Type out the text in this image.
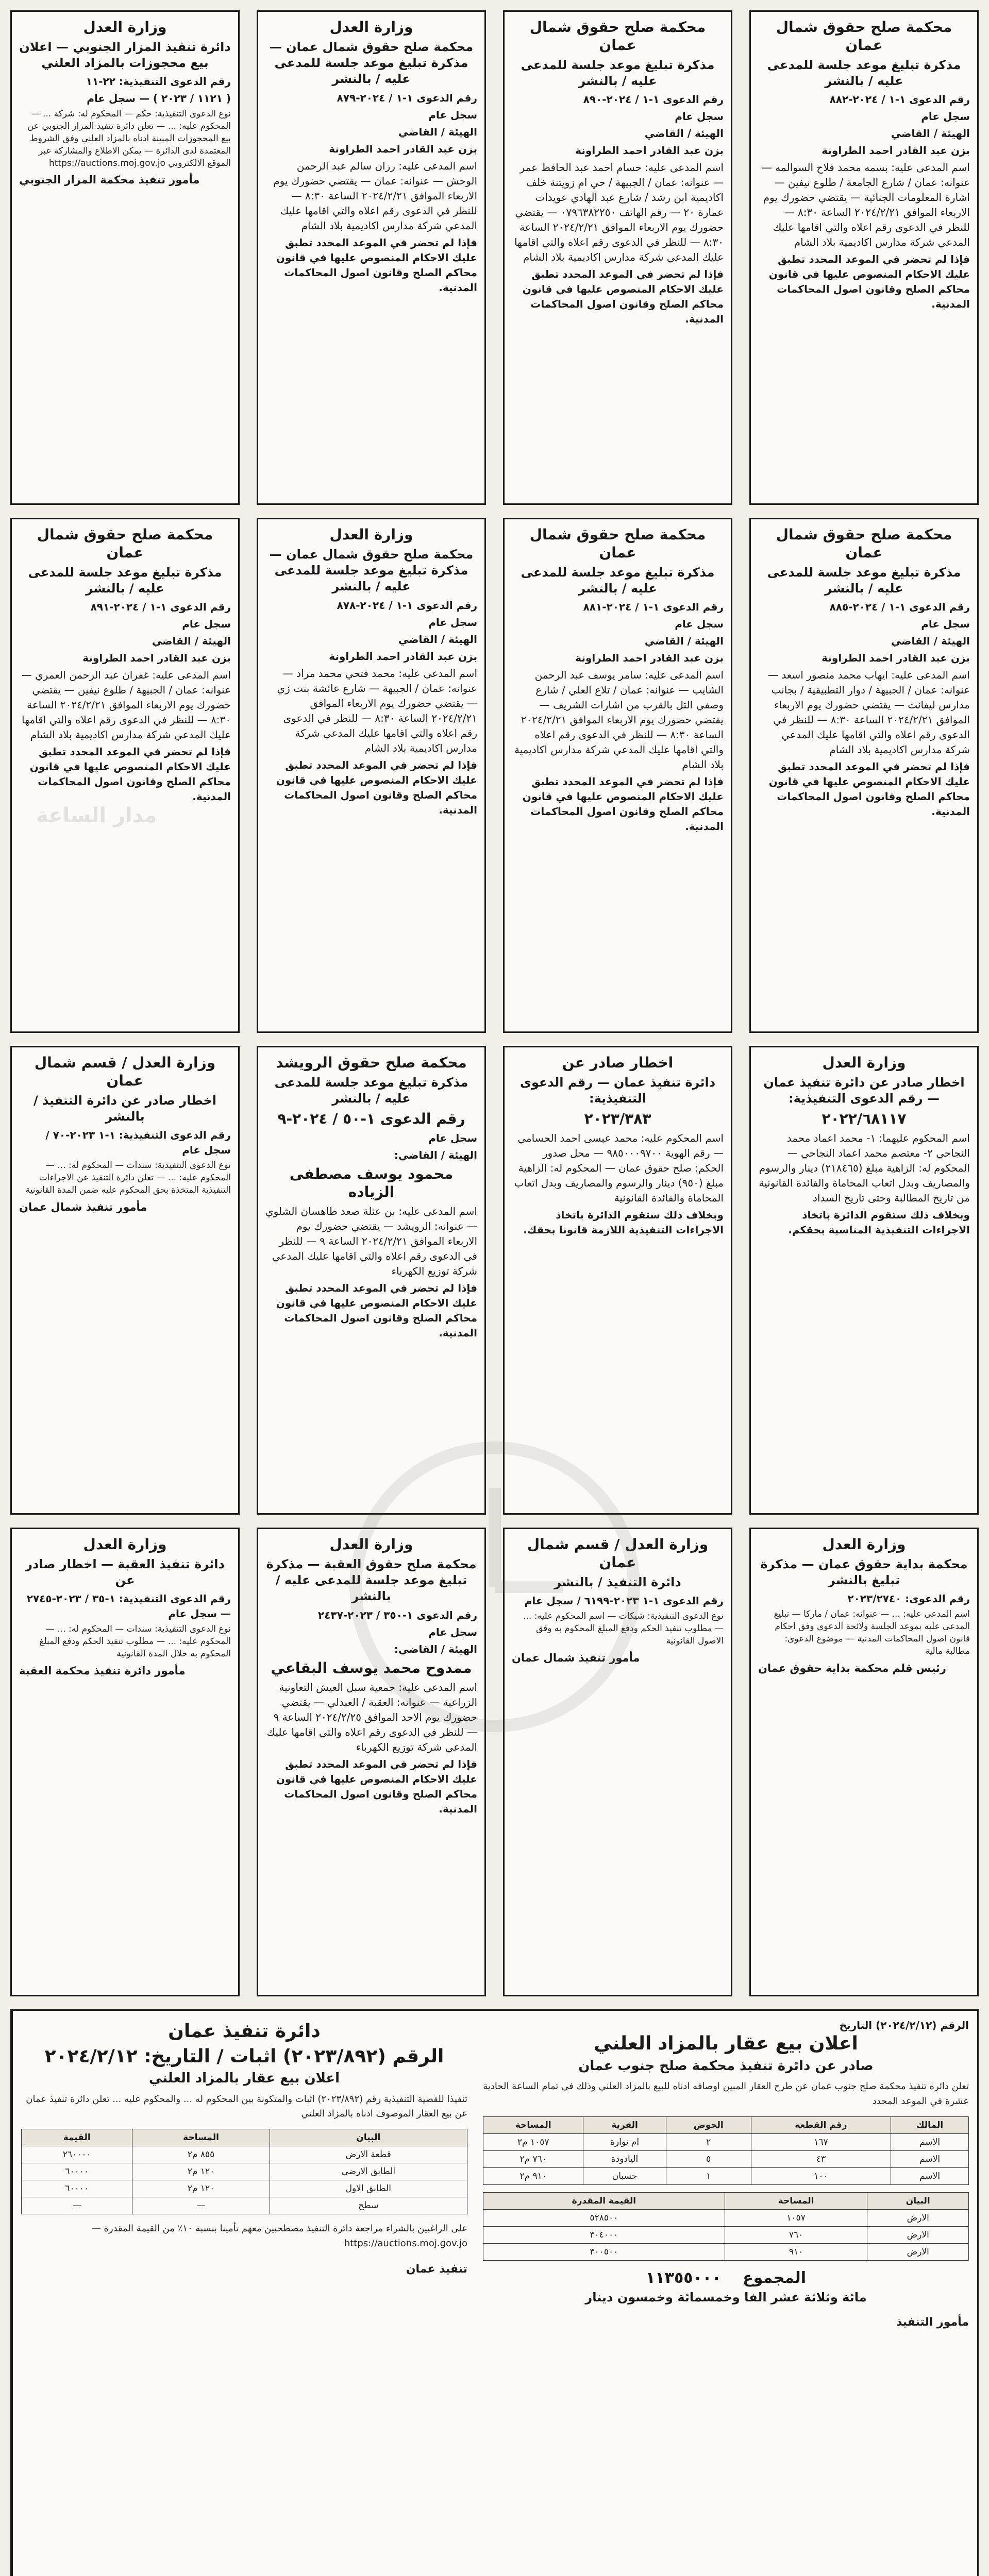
محكمة صلح حقوق شمال عمان
مذكرة تبليغ موعد جلسة للمدعى عليه / بالنشر
رقم الدعوى ١-١ / ٢٠٢٤-٨٨٢
سجل عام
الهيئة / القاضي
بزن عبد القادر احمد الطراونة
اسم المدعى عليه: بسمه محمد فلاح السوالمه — عنوانه: عمان / شارع الجامعة / طلوع نيفين — اشارة المعلومات الجنائية — يقتضي حضورك يوم الاربعاء الموافق ٢٠٢٤/٢/٢١ الساعة ٨:٣٠ — للنظر في الدعوى رقم اعلاه والتي اقامها عليك المدعي شركة مدارس اكاديمية بلاد الشام
فإذا لم تحضر في الموعد المحدد تطبق عليك الاحكام المنصوص عليها في قانون محاكم الصلح وقانون اصول المحاكمات المدنية.
محكمة صلح حقوق شمال عمان
مذكرة تبليغ موعد جلسة للمدعى عليه / بالنشر
رقم الدعوى ١-١ / ٢٠٢٤-٨٩٠
سجل عام
الهيئة / القاضي
بزن عبد القادر احمد الطراونة
اسم المدعى عليه: حسام احمد عبد الحافظ عمر — عنوانه: عمان / الجبيهة / حي ام زويتنة خلف اكاديمية ابن رشد / شارع عبد الهادي عويدات عمارة ٢٠ — رقم الهاتف ٠٧٩٦٣٨٢٢٥٠ — يقتضي حضورك يوم الاربعاء الموافق ٢٠٢٤/٢/٢١ الساعة ٨:٣٠ — للنظر في الدعوى رقم اعلاه والتي اقامها عليك المدعي شركة مدارس اكاديمية بلاد الشام
فإذا لم تحضر في الموعد المحدد تطبق عليك الاحكام المنصوص عليها في قانون محاكم الصلح وقانون اصول المحاكمات المدنية.
وزارة العدل
محكمة صلح حقوق شمال عمان — مذكرة تبليغ موعد جلسة للمدعى عليه / بالنشر
رقم الدعوى ١-١ / ٢٠٢٤-٨٧٩
سجل عام
الهيئة / القاضي
بزن عبد القادر احمد الطراونة
اسم المدعى عليه: رزان سالم عبد الرحمن الوحش — عنوانه: عمان — يقتضي حضورك يوم الاربعاء الموافق ٢٠٢٤/٢/٢١ الساعة ٨:٣٠ — للنظر في الدعوى رقم اعلاه والتي اقامها عليك المدعي شركة مدارس اكاديمية بلاد الشام
فإذا لم تحضر في الموعد المحدد تطبق عليك الاحكام المنصوص عليها في قانون محاكم الصلح وقانون اصول المحاكمات المدنية.
وزارة العدل
دائرة تنفيذ المزار الجنوبي — اعلان بيع محجوزات بالمزاد العلني
رقم الدعوى التنفيذية: ٢٢-١١
( ١١٢١ / ٢٠٢٣ ) — سجل عام
نوع الدعوى التنفيذية: حكم — المحكوم له: شركة ... — المحكوم عليه: ... — تعلن دائرة تنفيذ المزار الجنوبي عن بيع المحجوزات المبينة ادناه بالمزاد العلني وفق الشروط المعتمدة لدى الدائرة — يمكن الاطلاع والمشاركة عبر الموقع الالكتروني https://auctions.moj.gov.jo
مأمور تنفيذ محكمة المزار الجنوبي
محكمة صلح حقوق شمال عمان
مذكرة تبليغ موعد جلسة للمدعى عليه / بالنشر
رقم الدعوى ١-١ / ٢٠٢٤-٨٨٥
سجل عام
الهيئة / القاضي
بزن عبد القادر احمد الطراونة
اسم المدعى عليه: ايهاب محمد منصور اسعد — عنوانه: عمان / الجبيهة / دوار التطبيقية / بجانب مدارس ليفانت — يقتضي حضورك يوم الاربعاء الموافق ٢٠٢٤/٢/٢١ الساعة ٨:٣٠ — للنظر في الدعوى رقم اعلاه والتي اقامها عليك المدعي شركة مدارس اكاديمية بلاد الشام
فإذا لم تحضر في الموعد المحدد تطبق عليك الاحكام المنصوص عليها في قانون محاكم الصلح وقانون اصول المحاكمات المدنية.
محكمة صلح حقوق شمال عمان
مذكرة تبليغ موعد جلسة للمدعى عليه / بالنشر
رقم الدعوى ١-١ / ٢٠٢٤-٨٨١
سجل عام
الهيئة / القاضي
بزن عبد القادر احمد الطراونة
اسم المدعى عليه: سامر يوسف عبد الرحمن الشايب — عنوانه: عمان / تلاع العلي / شارع وصفي التل بالقرب من اشارات الشريف — يقتضي حضورك يوم الاربعاء الموافق ٢٠٢٤/٢/٢١ الساعة ٨:٣٠ — للنظر في الدعوى رقم اعلاه والتي اقامها عليك المدعي شركة مدارس اكاديمية بلاد الشام
فإذا لم تحضر في الموعد المحدد تطبق عليك الاحكام المنصوص عليها في قانون محاكم الصلح وقانون اصول المحاكمات المدنية.
وزارة العدل
محكمة صلح حقوق شمال عمان — مذكرة تبليغ موعد جلسة للمدعى عليه / بالنشر
رقم الدعوى ١-١ / ٢٠٢٤-٨٧٨
سجل عام
الهيئة / القاضي
بزن عبد القادر احمد الطراونة
اسم المدعى عليه: محمد فتحي محمد مراد — عنوانه: عمان / الجبيهة — شارع عائشة بنت زي — يقتضي حضورك يوم الاربعاء الموافق ٢٠٢٤/٢/٢١ الساعة ٨:٣٠ — للنظر في الدعوى رقم اعلاه والتي اقامها عليك المدعي شركة مدارس اكاديمية بلاد الشام
فإذا لم تحضر في الموعد المحدد تطبق عليك الاحكام المنصوص عليها في قانون محاكم الصلح وقانون اصول المحاكمات المدنية.
محكمة صلح حقوق شمال عمان
مذكرة تبليغ موعد جلسة للمدعى عليه / بالنشر
رقم الدعوى ١-١ / ٢٠٢٤-٨٩١
سجل عام
الهيئة / القاضي
بزن عبد القادر احمد الطراونة
اسم المدعى عليه: غفران عبد الرحمن العمري — عنوانه: عمان / الجبيهة / طلوع نيفين — يقتضي حضورك يوم الاربعاء الموافق ٢٠٢٤/٢/٢١ الساعة ٨:٣٠ — للنظر في الدعوى رقم اعلاه والتي اقامها عليك المدعي شركة مدارس اكاديمية بلاد الشام
فإذا لم تحضر في الموعد المحدد تطبق عليك الاحكام المنصوص عليها في قانون محاكم الصلح وقانون اصول المحاكمات المدنية.
وزارة العدل
اخطار صادر عن دائرة تنفيذ عمان — رقم الدعوى التنفيذية:
٢٠٢٢/٦٨١١٧
اسم المحكوم عليهما: ١- محمد اعماد محمد النجاحي ٢- معتصم محمد اعماد النجاحي — المحكوم له: الزاهية مبلغ (٢١٨٤٦٥) دينار والرسوم والمصاريف وبدل اتعاب المحاماة والفائدة القانونية من تاريخ المطالبة وحتى تاريخ السداد
وبخلاف ذلك ستقوم الدائرة باتخاذ الاجراءات التنفيذية المناسبة بحقكم.
اخطار صادر عن
دائرة تنفيذ عمان — رقم الدعوى التنفيذية:
٢٠٢٣/٣٨٣
اسم المحكوم عليه: محمد عيسى احمد الحسامي — رقم الهوية ٩٨٥٠٠٠٩٧٠٠ — محل صدور الحكم: صلح حقوق عمان — المحكوم له: الزاهية مبلغ (٩٥٠) دينار والرسوم والمصاريف وبدل اتعاب المحاماة والفائدة القانونية
وبخلاف ذلك ستقوم الدائرة باتخاذ الاجراءات التنفيذية اللازمة قانونا بحقك.
محكمة صلح حقوق الرويشد
مذكرة تبليغ موعد جلسة للمدعى عليه / بالنشر
رقم الدعوى ١-٥٠ / ٢٠٢٤-٩
سجل عام
الهيئة / القاضي:
محمود يوسف مصطفى الزياده
اسم المدعى عليه: بن عثلة صعد طاهسان الشلوي — عنوانه: الرويشد — يقتضي حضورك يوم الاربعاء الموافق ٢٠٢٤/٢/٢١ الساعة ٩ — للنظر في الدعوى رقم اعلاه والتي اقامها عليك المدعي شركة توزيع الكهرباء
فإذا لم تحضر في الموعد المحدد تطبق عليك الاحكام المنصوص عليها في قانون محاكم الصلح وقانون اصول المحاكمات المدنية.
وزارة العدل / قسم شمال عمان
اخطار صادر عن دائرة التنفيذ / بالنشر
رقم الدعوى التنفيذية: ١-١ ٢٠٢٣-٧٠ / سجل عام
نوع الدعوى التنفيذية: سندات — المحكوم له: ... — المحكوم عليه: ... — تعلن دائرة التنفيذ عن الاجراءات التنفيذية المتخذة بحق المحكوم عليه ضمن المدة القانونية
مأمور تنفيذ شمال عمان
وزارة العدل
محكمة بداية حقوق عمان — مذكرة تبليغ بالنشر
رقم الدعوى: ٢٠٢٣/٢٧٤٠
اسم المدعى عليه: ... — عنوانه: عمان / ماركا — تبليغ المدعى عليه بموعد الجلسة ولائحة الدعوى وفق احكام قانون اصول المحاكمات المدنية — موضوع الدعوى: مطالبة مالية
رئيس قلم محكمة بداية حقوق عمان
وزارة العدل / قسم شمال عمان
دائرة التنفيذ / بالنشر
رقم الدعوى ١-١ ٢٠٢٣-٦١٩٩ / سجل عام
نوع الدعوى التنفيذية: شيكات — اسم المحكوم عليه: ... — مطلوب تنفيذ الحكم ودفع المبلغ المحكوم به وفق الاصول القانونية
مأمور تنفيذ شمال عمان
وزارة العدل
محكمة صلح حقوق العقبة — مذكرة تبليغ موعد جلسة للمدعى عليه / بالنشر
رقم الدعوى ١-٣٥٠ / ٢٠٢٣-٢٤٣٧
سجل عام
الهيئة / القاضي:
ممدوح محمد يوسف البقاعي
اسم المدعى عليه: جمعية سبل العيش التعاونية الزراعية — عنوانه: العقبة / العبدلي — يقتضي حضورك يوم الاحد الموافق ٢٠٢٤/٢/٢٥ الساعة ٩ — للنظر في الدعوى رقم اعلاه والتي اقامها عليك المدعي شركة توزيع الكهرباء
فإذا لم تحضر في الموعد المحدد تطبق عليك الاحكام المنصوص عليها في قانون محاكم الصلح وقانون اصول المحاكمات المدنية.
وزارة العدل
دائرة تنفيذ العقبة — اخطار صادر عن
رقم الدعوى التنفيذية: ١-٣٥ / ٢٠٢٣-٢٧٤٥ — سجل عام
نوع الدعوى التنفيذية: سندات — المحكوم له: ... — المحكوم عليه: ... — مطلوب تنفيذ الحكم ودفع المبلغ المحكوم به خلال المدة القانونية
مأمور دائرة تنفيذ محكمة العقبة
الرقم (٢٠٢٤/٢/١٢) التاريخ
اعلان بيع عقار بالمزاد العلني
صادر عن دائرة تنفيذ محكمة صلح جنوب عمان

تعلن دائرة تنفيذ محكمة صلح جنوب عمان عن طرح العقار المبين اوصافه ادناه للبيع بالمزاد العلني وذلك في تمام الساعة الحادية عشرة في الموعد المحدد

المالك	رقم القطعة	الحوض	القرية	المساحة
الاسم	١٦٧	٢	ام نوارة	١٠٥٧ م٢
الاسم	٤٣	٥	اليادودة	٧٦٠ م٢
الاسم	١٠٠	١	حسبان	٩١٠ م٢
البيان	المساحة	القيمة المقدرة
الارض	١٠٥٧	٥٢٨٥٠٠
الارض	٧٦٠	٣٠٤٠٠٠
الارض	٩١٠	٣٠٠٥٠٠
المجموع    ١١٣٥٥٠٠٠
مائة وثلاثة عشر الفا وخمسمائة وخمسون دينار
مأمور التنفيذ
دائرة تنفيذ عمان
الرقم (٢٠٢٣/٨٩٢) اثبات / التاريخ: ٢٠٢٤/٢/١٢
اعلان بيع عقار بالمزاد العلني

تنفيذا للقضية التنفيذية رقم (٢٠٢٣/٨٩٢) اثبات والمتكونة بين المحكوم له ... والمحكوم عليه ... تعلن دائرة تنفيذ عمان عن بيع العقار الموصوف ادناه بالمزاد العلني

البيان	المساحة	القيمة
قطعة الارض	٨٥٥ م٢	٢٦٠٠٠٠
الطابق الارضي	١٢٠ م٢	٦٠٠٠٠
الطابق الاول	١٢٠ م٢	٦٠٠٠٠
سطح	—	—

على الراغبين بالشراء مراجعة دائرة التنفيذ مصطحبين معهم تأمينا بنسبة ١٠٪ من القيمة المقدرة — https://auctions.moj.gov.jo

تنفيذ عمان
مدار الساعة
